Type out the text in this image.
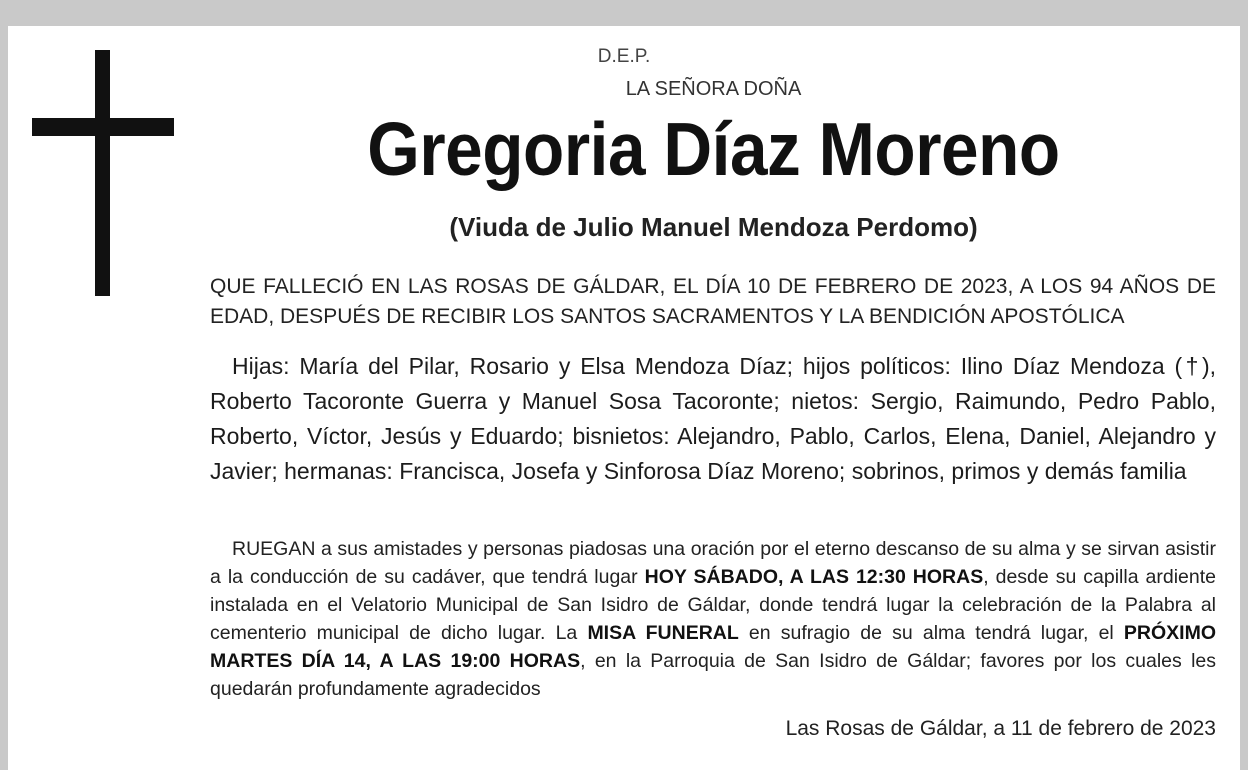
D.E.P.
LA SEÑORA DOÑA
Gregoria Díaz Moreno
(Viuda de Julio Manuel Mendoza Perdomo)
QUE FALLECIÓ EN LAS ROSAS DE GÁLDAR, EL DÍA 10 DE FEBRERO DE 2023, A LOS 94 AÑOS DE EDAD, DESPUÉS DE RECIBIR LOS SANTOS SACRAMENTOS Y LA BENDICIÓN APOSTÓLICA
Hijas: María del Pilar, Rosario y Elsa Mendoza Díaz; hijos políticos: Ilino Díaz Mendoza (†), Roberto Tacoronte Guerra y Manuel Sosa Tacoronte; nietos: Sergio, Raimundo, Pedro Pablo, Roberto, Víctor, Jesús y Eduardo; bisnietos: Alejandro, Pablo, Carlos, Elena, Daniel, Alejandro y Javier; hermanas: Francisca, Josefa y Sinforosa Díaz Moreno; sobrinos, primos y demás familia
RUEGAN a sus amistades y personas piadosas una oración por el eterno descanso de su alma y se sirvan asistir a la conducción de su cadáver, que tendrá lugar HOY SÁBADO, A LAS 12:30 HORAS, desde su capilla ardiente instalada en el Velatorio Municipal de San Isidro de Gáldar, donde tendrá lugar la celebración de la Palabra al cementerio municipal de dicho lugar. La MISA FUNERAL en sufragio de su alma tendrá lugar, el PRÓXIMO MARTES DÍA 14, A LAS 19:00 HORAS, en la Parroquia de San Isidro de Gáldar; favores por los cuales les quedarán profundamente agradecidos
Las Rosas de Gáldar, a 11 de febrero de 2023
